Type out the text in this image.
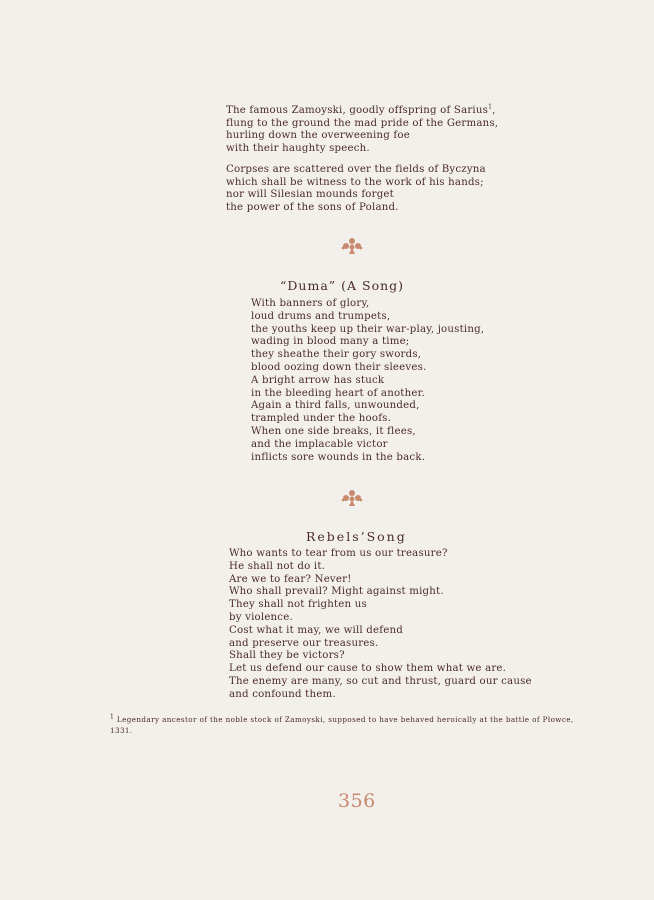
The famous Zamoyski, goodly offspring of Sarius$^1$,
flung to the ground the mad pride of the Germans,
hurling down the overweening foe
with their haughty speech.
Corpses are scattered over the fields of Byczyna
which shall be witness to the work of his hands;
nor will Silesian mounds forget
the power of the sons of Poland.
“Duma” (A Song)
With banners of glory,
loud drums and trumpets,
the youths keep up their war-play, jousting,
wading in blood many a time;
they sheathe their gory swords,
blood oozing down their sleeves.
A bright arrow has stuck
in the bleeding heart of another.
Again a third falls, unwounded,
trampled under the hoofs.
When one side breaks, it flees,
and the implacable victor
inflicts sore wounds in the back.
Rebels’Song
Who wants to tear from us our treasure?
He shall not do it.
Are we to fear? Never!
Who shall prevail? Might against might.
They shall not frighten us
by violence.
Cost what it may, we will defend
and preserve our treasures.
Shall they be victors?
Let us defend our cause to show them what we are.
The enemy are many, so cut and thrust, guard our cause
and confound them.
$^1$ Legendary ancestor of the noble stock of Zamoyski, supposed to have behaved heroically at the battle of Płowce, 1331.
356
